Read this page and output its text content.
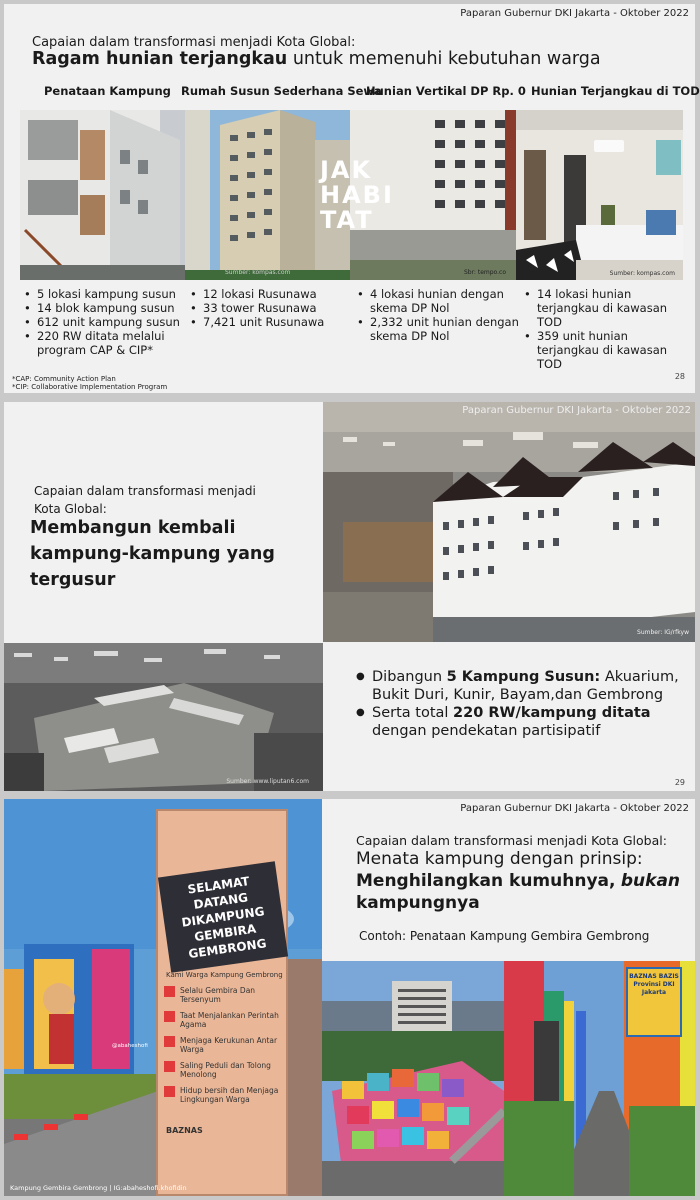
Paparan Gubernur DKI Jakarta - Oktober 2022
Capaian dalam transformasi menjadi Kota Global:
Ragam hunian terjangkau untuk memenuhi kebutuhan warga
Penataan Kampung Rumah Susun Sederhana Sewa
Hunian Vertikal DP Rp. 0 Hunian Terjangkau di TOD
Sumber: kompas.com
JAK
HABI
TAT
Sbr: tempo.co	Sumber: kompas.com
• 5 lokasi kampung susun
• 14 blok kampung susun
• 612 unit kampung susun
• 220 RW ditata melalui program CAP & CIP*
• 12 lokasi Rusunawa
• 33 tower Rusunawa
• 7,421 unit Rusunawa
• 4 lokasi hunian dengan skema DP Nol
• 2,332 unit hunian dengan skema DP Nol
• 14 lokasi hunian terjangkau di kawasan TOD
• 359 unit hunian terjangkau di kawasan TOD
*CAP: Community Action Plan
*CIP: Collaborative Implementation Program
28
Paparan Gubernur DKI Jakarta - Oktober 2022
Sumber: IG/rfkyw
Capaian dalam transformasi menjadi Kota Global:
Membangun kembali kampung-kampung yang tergusur
Sumber: www.liputan6.com
● Dibangun 5 Kampung Susun: Akuarium, Bukit Duri, Kunir, Bayam,dan Gembrong
● Serta total 220 RW/kampung ditata dengan pendekatan partisipatif
29
Paparan Gubernur DKI Jakarta - Oktober 2022
SELAMAT DATANG DIKAMPUNG GEMBIRA GEMBRONG
Kami Warga Kampung Gembrong
Selalu Gembira Dan Tersenyum
Taat Menjalankan Perintah Agama
Menjaga Kerukunan Antar Warga
Saling Peduli dan Tolong Menolong
Hidup bersih dan Menjaga Lingkungan Warga
BAZNAS
@abaheshofi
Kampung Gembira Gembrong | IG:abaheshofi.khofidin
Capaian dalam transformasi menjadi Kota Global:
Menata kampung dengan prinsip:
Menghilangkan kumuhnya, bukan
kampungnya
Contoh: Penataan Kampung Gembira Gembrong
BAZNAS BAZIS Provinsi DKI Jakarta
